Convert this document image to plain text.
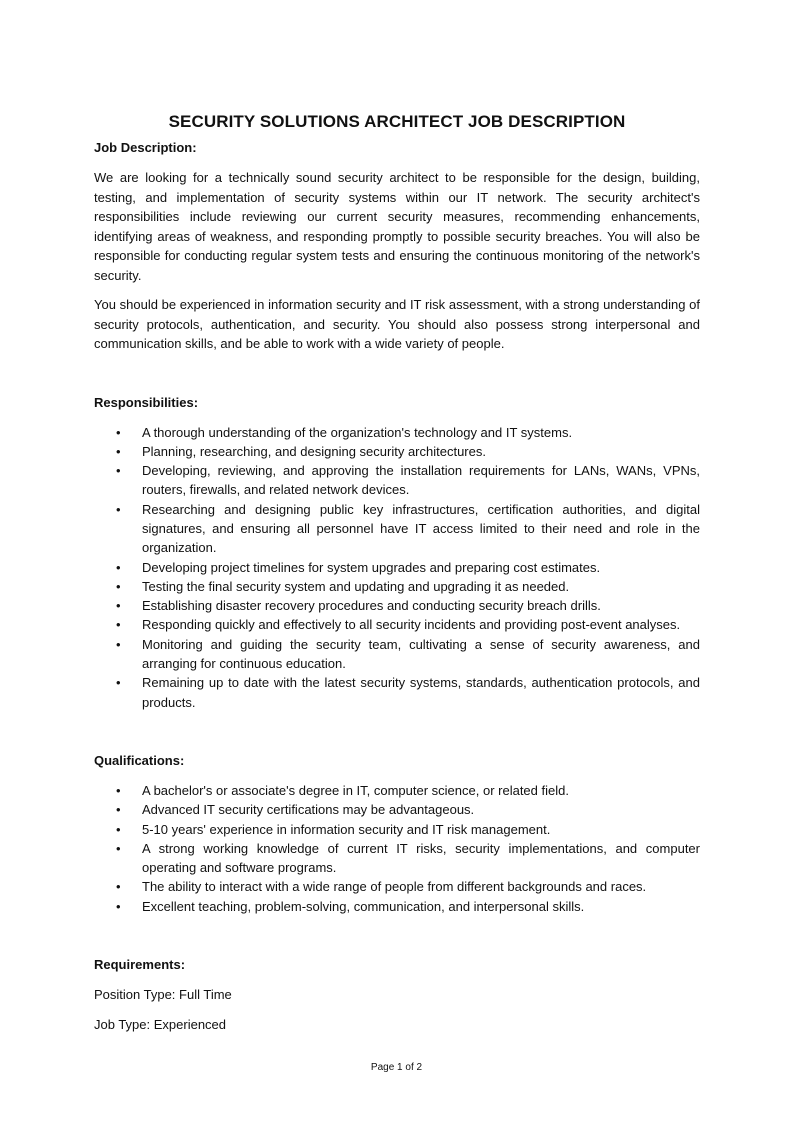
SECURITY SOLUTIONS ARCHITECT JOB DESCRIPTION

Job Description:

We are looking for a technically sound security architect to be responsible for the design, building, testing, and implementation of security systems within our IT network. The security architect's responsibilities include reviewing our current security measures, recommending enhancements, identifying areas of weakness, and responding promptly to possible security breaches. You will also be responsible for conducting regular system tests and ensuring the continuous monitoring of the network's security.

You should be experienced in information security and IT risk assessment, with a strong understanding of security protocols, authentication, and security. You should also possess strong interpersonal and communication skills, and be able to work with a wide variety of people.

Responsibilities:

• A thorough understanding of the organization's technology and IT systems.
• Planning, researching, and designing security architectures.
• Developing, reviewing, and approving the installation requirements for LANs, WANs, VPNs, routers, firewalls, and related network devices.
• Researching and designing public key infrastructures, certification authorities, and digital signatures, and ensuring all personnel have IT access limited to their need and role in the organization.
• Developing project timelines for system upgrades and preparing cost estimates.
• Testing the final security system and updating and upgrading it as needed.
• Establishing disaster recovery procedures and conducting security breach drills.
• Responding quickly and effectively to all security incidents and providing post-event analyses.
• Monitoring and guiding the security team, cultivating a sense of security awareness, and arranging for continuous education.
• Remaining up to date with the latest security systems, standards, authentication protocols, and products.

Qualifications:

• A bachelor's or associate's degree in IT, computer science, or related field.
• Advanced IT security certifications may be advantageous.
• 5-10 years' experience in information security and IT risk management.
• A strong working knowledge of current IT risks, security implementations, and computer operating and software programs.
• The ability to interact with a wide range of people from different backgrounds and races.
• Excellent teaching, problem-solving, communication, and interpersonal skills.

Requirements:

Position Type: Full Time

Job Type: Experienced

Page 1 of 2
